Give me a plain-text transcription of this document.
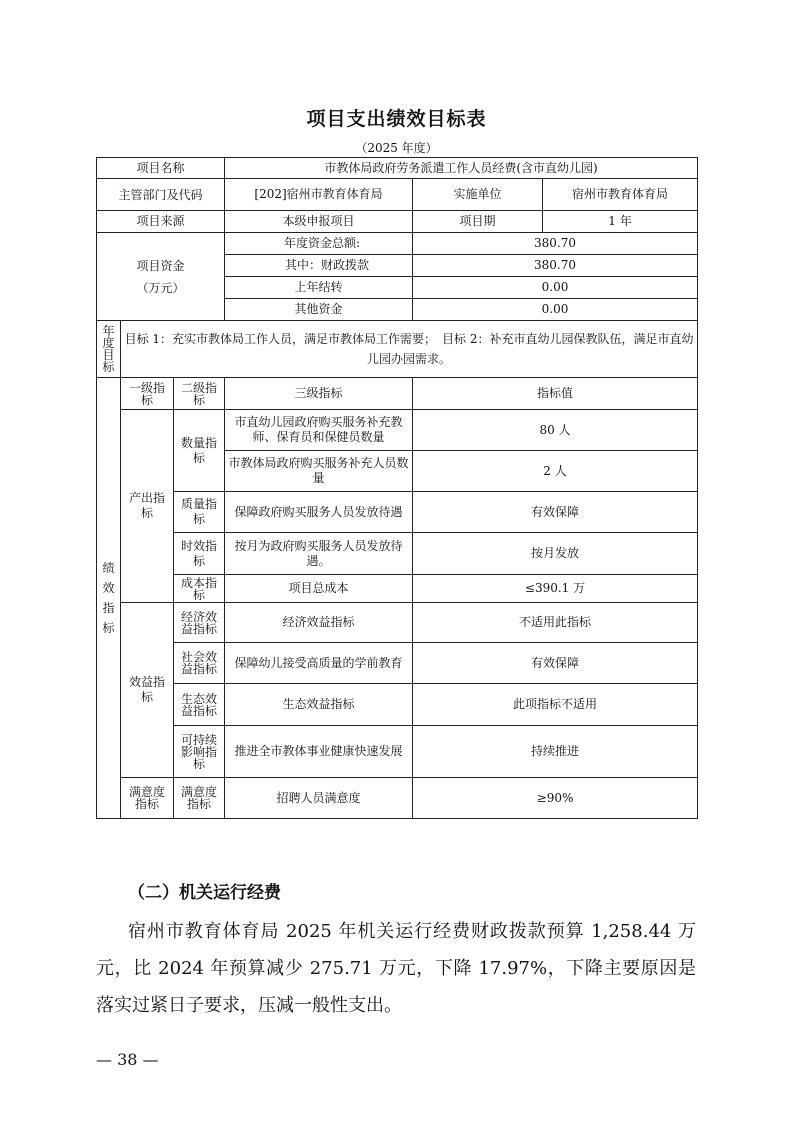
项目支出绩效目标表
（2025 年度）
项目名称			市教体局政府劳务派遣工作人员经费(含市直幼儿园)		
主管部门及代码			[202]宿州市教育体育局	实施单位	宿州市教育体育局
项目来源			本级申报项目	项目期	1 年

项目资金
（万元）			年度资金总额:	380.70	
			其中：财政拨款	380.70	
			上年结转	0.00	
			其他资金	0.00	
年度目标	目标 1：充实市教体局工作人员，满足市教体局工作需要；　目标 2：补充市直幼儿园保教队伍，满足市直幼儿园办园需求。				
绩效指标	一级指标	二级指标	三级指标	指标值	
	产出指标	数量指标	市直幼儿园政府购买服务补充教师、保育员和保健员数量	80 人	
			市教体局政府购买服务补充人员数量	2 人	
		质量指标	保障政府购买服务人员发放待遇	有效保障	
		时效指标	按月为政府购买服务人员发放待遇。	按月发放	
		成本指标	项目总成本	≤390.1 万	
	效益指标	经济效益指标	经济效益指标	不适用此指标	
		社会效益指标	保障幼儿接受高质量的学前教育	有效保障	
		生态效益指标	生态效益指标	此项指标不适用	
		可持续影响指标	推进全市教体事业健康快速发展	持续推进	
	满意度指标	满意度指标	招聘人员满意度	≥90%	
（二）机关运行经费

宿州市教育体育局 2025 年机关运行经费财政拨款预算 1,258.44 万元，比 2024 年预算减少 275.71 万元，下降 17.97%，下降主要原因是落实过紧日子要求，压减一般性支出。

— 38 —
